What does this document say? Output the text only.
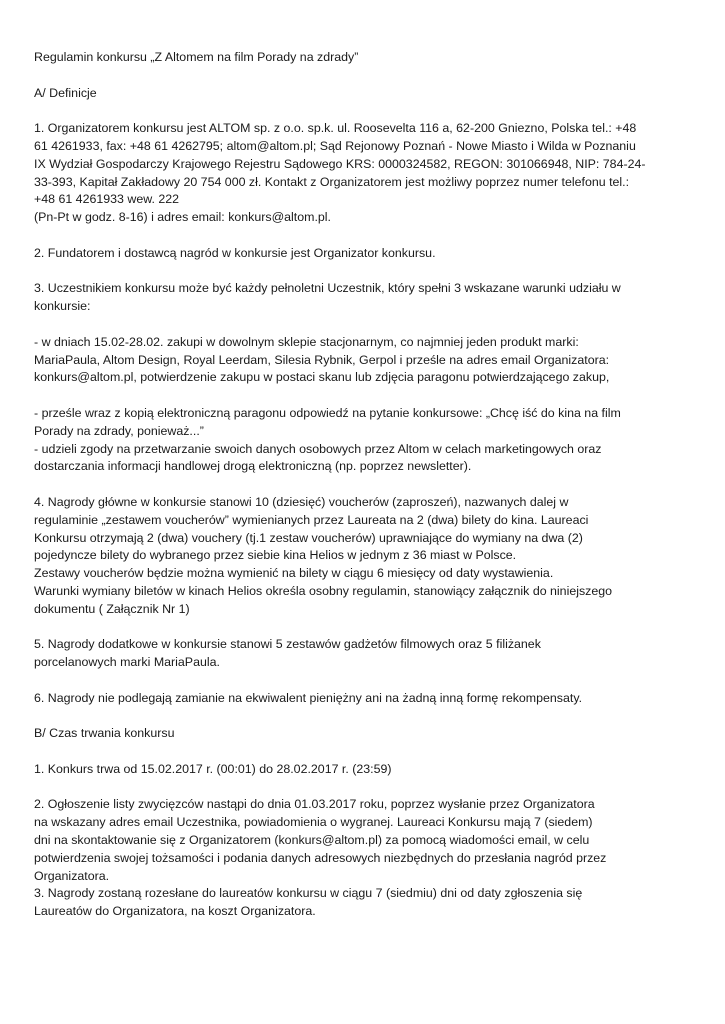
Regulamin konkursu „Z Altomem na film Porady na zdrady”
A/ Definicje
1. Organizatorem konkursu jest ALTOM sp. z o.o. sp.k. ul. Roosevelta 116 a, 62-200 Gniezno, Polska tel.: +48
61 4261933, fax: +48 61 4262795; altom@altom.pl; Sąd Rejonowy Poznań - Nowe Miasto i Wilda w Poznaniu
IX Wydział Gospodarczy Krajowego Rejestru Sądowego KRS: 0000324582, REGON: 301066948, NIP: 784-24-
33-393, Kapitał Zakładowy 20 754 000 zł. Kontakt z Organizatorem jest możliwy poprzez numer telefonu tel.:
+48 61 4261933 wew. 222
(Pn-Pt w godz. 8-16) i adres email: konkurs@altom.pl.
2. Fundatorem i dostawcą nagród w konkursie jest Organizator konkursu.
3. Uczestnikiem konkursu może być każdy pełnoletni Uczestnik, który spełni 3 wskazane warunki udziału w
konkursie:
- w dniach 15.02-28.02. zakupi w dowolnym sklepie stacjonarnym, co najmniej jeden produkt marki:
MariaPaula, Altom Design, Royal Leerdam, Silesia Rybnik, Gerpol i prześle na adres email Organizatora:
konkurs@altom.pl, potwierdzenie zakupu w postaci skanu lub zdjęcia paragonu potwierdzającego zakup,
- prześle wraz z kopią elektroniczną paragonu odpowiedź na pytanie konkursowe: „Chcę iść do kina na film
Porady na zdrady, ponieważ...”
- udzieli zgody na przetwarzanie swoich danych osobowych przez Altom w celach marketingowych oraz
dostarczania informacji handlowej drogą elektroniczną (np. poprzez newsletter).
4. Nagrody główne w konkursie stanowi 10 (dziesięć) voucherów (zaproszeń), nazwanych dalej w
regulaminie „zestawem voucherów” wymienianych przez Laureata na 2 (dwa) bilety do kina. Laureaci
Konkursu otrzymają 2 (dwa) vouchery (tj.1 zestaw voucherów) uprawniające do wymiany na dwa (2)
pojedyncze bilety do wybranego przez siebie kina Helios w jednym z 36 miast w Polsce.
Zestawy voucherów będzie można wymienić na bilety w ciągu 6 miesięcy od daty wystawienia.
Warunki wymiany biletów w kinach Helios określa osobny regulamin, stanowiący załącznik do niniejszego
dokumentu ( Załącznik Nr 1)
5. Nagrody dodatkowe w konkursie stanowi 5 zestawów gadżetów filmowych oraz 5 filiżanek
porcelanowych marki MariaPaula.
6. Nagrody nie podlegają zamianie na ekwiwalent pieniężny ani na żadną inną formę rekompensaty.
B/ Czas trwania konkursu
1. Konkurs trwa od 15.02.2017 r. (00:01) do 28.02.2017 r. (23:59)
2. Ogłoszenie listy zwycięzców nastąpi do dnia 01.03.2017 roku, poprzez wysłanie przez Organizatora
na wskazany adres email Uczestnika, powiadomienia o wygranej. Laureaci Konkursu mają 7 (siedem)
dni na skontaktowanie się z Organizatorem (konkurs@altom.pl) za pomocą wiadomości email, w celu
potwierdzenia swojej tożsamości i podania danych adresowych niezbędnych do przesłania nagród przez
Organizatora.
3. Nagrody zostaną rozesłane do laureatów konkursu w ciągu 7 (siedmiu) dni od daty zgłoszenia się
Laureatów do Organizatora, na koszt Organizatora.
